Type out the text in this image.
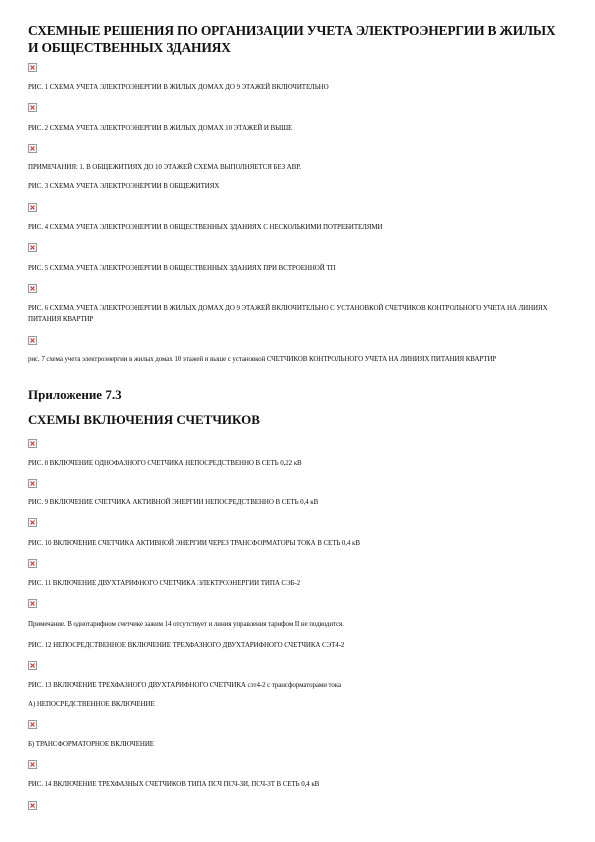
СХЕМНЫЕ РЕШЕНИЯ ПО ОРГАНИЗАЦИИ УЧЕТА ЭЛЕКТРОЭНЕРГИИ В ЖИЛЫХ И ОБЩЕСТВЕННЫХ ЗДАНИЯХ
РИС. 1 СХЕМА УЧЕТА ЭЛЕКТРОЭНЕРГИИ В ЖИЛЫХ ДОМАХ ДО 9 ЭТАЖЕЙ ВКЛЮЧИТЕЛЬНО
РИС. 2 СХЕМА УЧЕТА ЭЛЕКТРОЭНЕРГИИ В ЖИЛЫХ ДОМАХ 10 ЭТАЖЕЙ И ВЫШЕ
ПРИМЕЧАНИЯ: 1. В ОБЩЕЖИТИЯХ ДО 10 ЭТАЖЕЙ СХЕМА ВЫПОЛНЯЕТСЯ БЕЗ АВР.
РИС. 3 СХЕМА УЧЕТА ЭЛЕКТРОЭНЕРГИИ В ОБЩЕЖИТИЯХ
РИС. 4 СХЕМА УЧЕТА ЭЛЕКТРОЭНЕРГИИ В ОБЩЕСТВЕННЫХ ЗДАНИЯХ С НЕСКОЛЬКИМИ ПОТРЕБИТЕЛЯМИ
РИС. 5 СХЕМА УЧЕТА ЭЛЕКТРОЭНЕРГИИ В ОБЩЕСТВЕННЫХ ЗДАНИЯХ ПРИ ВСТРОЕННОЙ ТП
РИС. 6 СХЕМА УЧЕТА ЭЛЕКТРОЭНЕРГИИ В ЖИЛЫХ ДОМАХ ДО 9 ЭТАЖЕЙ ВКЛЮЧИТЕЛЬНО С УСТАНОВКОЙ СЧЕТЧИКОВ КОНТРОЛЬНОГО УЧЕТА НА ЛИНИЯХ ПИТАНИЯ КВАРТИР
рис. 7 схема учета электроэнергии в жилых домах 10 этажей и выше с установкой СЧЕТЧИКОВ КОНТРОЛЬНОГО УЧЕТА НА ЛИНИЯХ ПИТАНИЯ КВАРТИР
Приложение 7.3
СХЕМЫ ВКЛЮЧЕНИЯ СЧЕТЧИКОВ
РИС. 8 ВКЛЮЧЕНИЕ ОДНОФАЗНОГО СЧЕТЧИКА НЕПОСРЕДСТВЕННО В СЕТЬ 0,22 кВ
РИС. 9 ВКЛЮЧЕНИЕ СЧЕТЧИКА АКТИВНОЙ ЭНЕРГИИ НЕПОСРЕДСТВЕННО В СЕТЬ 0,4 кВ
РИС. 10 ВКЛЮЧЕНИЕ СЧЕТЧИКА АКТИВНОЙ ЭНЕРГИИ ЧЕРЕЗ ТРАНСФОРМАТОРЫ ТОКА В СЕТЬ 0,4 кВ
РИС. 11 ВКЛЮЧЕНИЕ ДВУХТАРИФНОГО СЧЕТЧИКА ЭЛЕКТРОЭНЕРГИИ ТИПА СЭБ-2
Примечание. В однотарифном счетчике зажим 14 отсутствует и линия управления тарифом II не подводится.
РИС. 12 НЕПОСРЕДСТВЕННОЕ ВКЛЮЧЕНИЕ ТРЕХФАЗНОГО ДВУХТАРИФНОГО СЧЕТЧИКА СЭТ4-2
РИС. 13 ВКЛЮЧЕНИЕ ТРЕХФАЗНОГО ДВУХТАРИФНОГО СЧЕТЧИКА сэт4-2 с трансформаторами тока
А) НЕПОСРЕДСТВЕННОЕ ВКЛЮЧЕНИЕ
Б) ТРАНСФОРМАТОРНОЕ ВКЛЮЧЕНИЕ
РИС. 14 ВКЛЮЧЕНИЕ ТРЕХФАЗНЫХ СЧЕТЧИКОВ ТИПА ПСЧ ПСЧ-3И, ПСЧ-3Т В СЕТЬ 0,4 кВ
